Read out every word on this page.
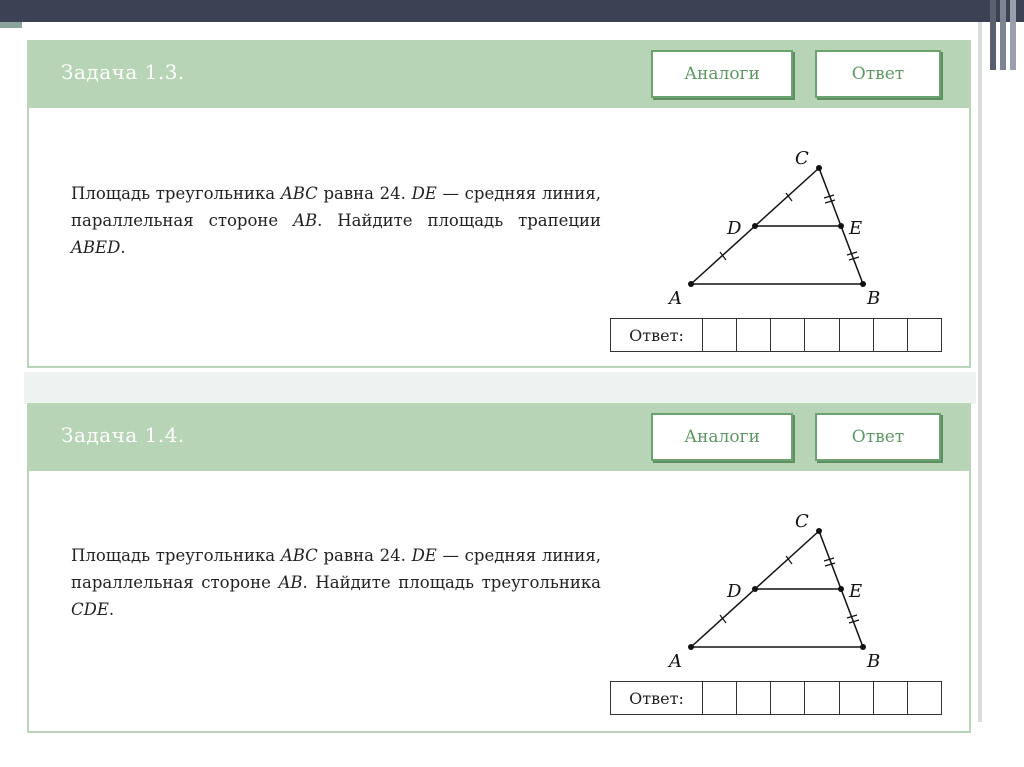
Задача 1.3.	Аналоги	Ответ
Площадь треугольника ABC равна 24. DE — средняя линия, параллельная стороне AB. Найдите площадь трапеции ABED.
A	B
C
D	E
Ответ:
Задача 1.4.	Аналоги	Ответ
Площадь треугольника ABC равна 24. DE — средняя линия, параллельная стороне AB. Найдите площадь треугольника CDE.
A	B
C
D	E
Ответ:
